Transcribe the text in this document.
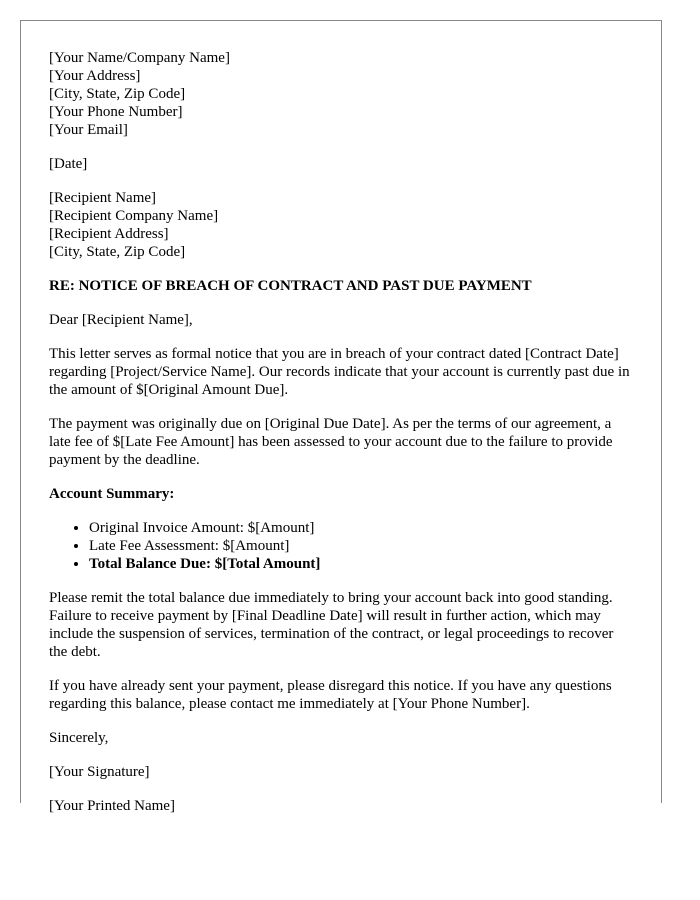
[Your Name/Company Name]
[Your Address]
[City, State, Zip Code]
[Your Phone Number]
[Your Email]
[Date]
[Recipient Name]
[Recipient Company Name]
[Recipient Address]
[City, State, Zip Code]
RE: NOTICE OF BREACH OF CONTRACT AND PAST DUE PAYMENT

Dear [Recipient Name],

This letter serves as formal notice that you are in breach of your contract dated [Contract Date] regarding [Project/Service Name]. Our records indicate that your account is currently past due in the amount of $[Original Amount Due].

The payment was originally due on [Original Due Date]. As per the terms of our agreement, a late fee of $[Late Fee Amount] has been assessed to your account due to the failure to provide payment by the deadline.

Account Summary:
• Original Invoice Amount: $[Amount]
• Late Fee Assessment: $[Amount]
• Total Balance Due: $[Total Amount]

Please remit the total balance due immediately to bring your account back into good standing. Failure to receive payment by [Final Deadline Date] will result in further action, which may include the suspension of services, termination of the contract, or legal proceedings to recover the debt.

If you have already sent your payment, please disregard this notice. If you have any questions regarding this balance, please contact me immediately at [Your Phone Number].

Sincerely,

[Your Signature]

[Your Printed Name]
